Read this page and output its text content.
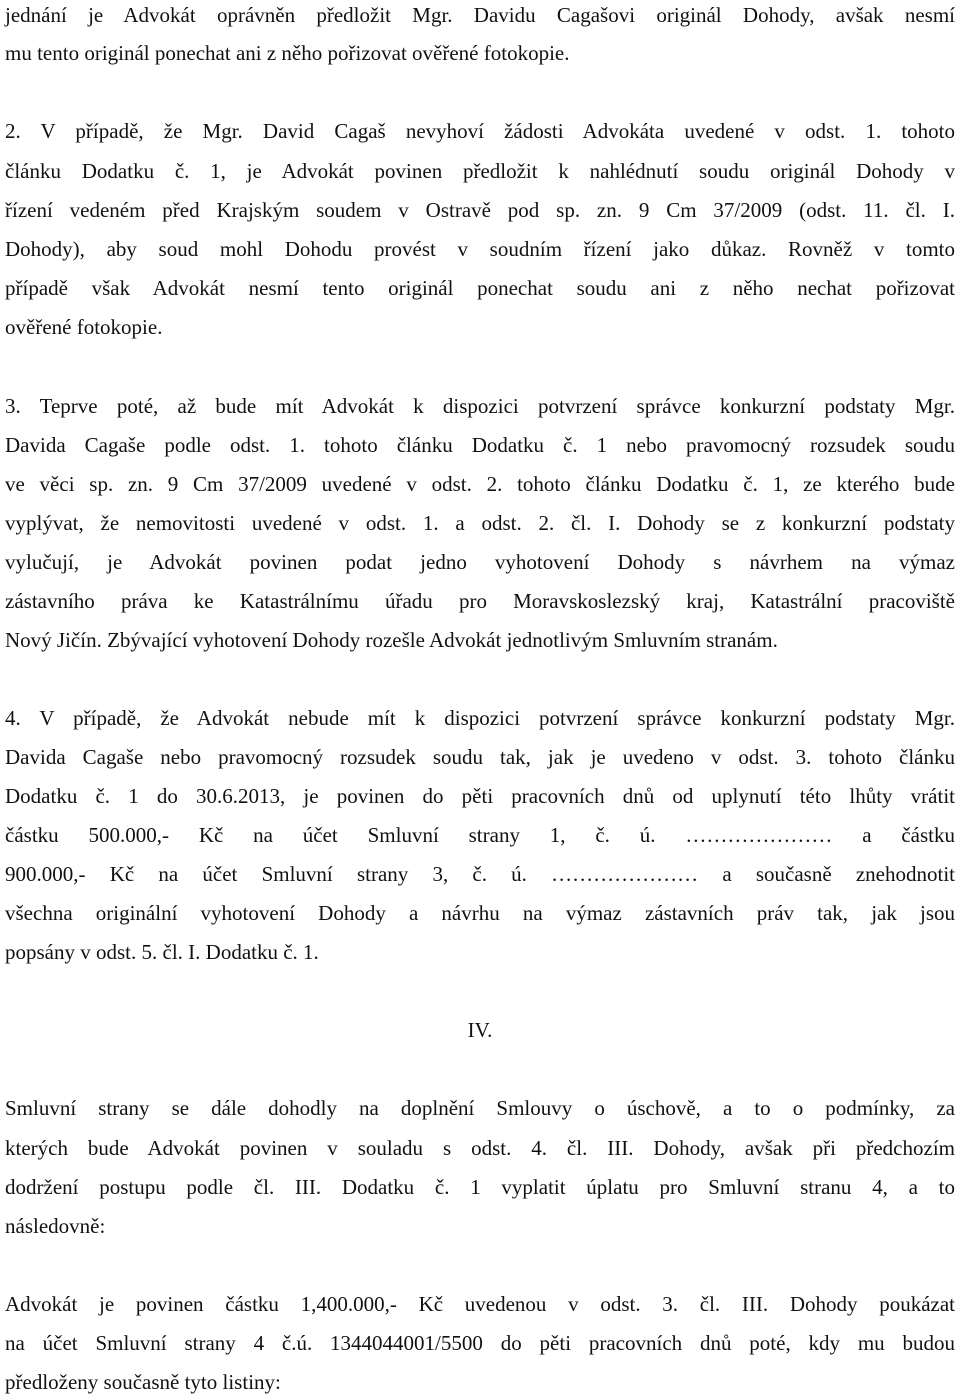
jednání je Advokát oprávněn předložit Mgr. Davidu Cagašovi originál Dohody, avšak nesmí
mu tento originál ponechat ani z něho pořizovat ověřené fotokopie.
2. V případě, že Mgr. David Cagaš nevyhoví žádosti Advokáta uvedené v odst. 1. tohoto
článku Dodatku č. 1, je Advokát povinen předložit k nahlédnutí soudu originál Dohody v
řízení vedeném před Krajským soudem v Ostravě pod sp. zn. 9 Cm 37/2009 (odst. 11. čl. I.
Dohody), aby soud mohl Dohodu provést v soudním řízení jako důkaz. Rovněž v tomto
případě však Advokát nesmí tento originál ponechat soudu ani z něho nechat pořizovat
ověřené fotokopie.
3. Teprve poté, až bude mít Advokát k dispozici potvrzení správce konkurzní podstaty Mgr.
Davida Cagaše podle odst. 1. tohoto článku Dodatku č. 1 nebo pravomocný rozsudek soudu
ve věci sp. zn. 9 Cm 37/2009 uvedené v odst. 2. tohoto článku Dodatku č. 1, ze kterého bude
vyplývat, že nemovitosti uvedené v odst. 1. a odst. 2. čl. I. Dohody se z konkurzní podstaty
vylučují, je Advokát povinen podat jedno vyhotovení Dohody s návrhem na výmaz
zástavního práva ke Katastrálnímu úřadu pro Moravskoslezský kraj, Katastrální pracoviště
Nový Jičín. Zbývající vyhotovení Dohody rozešle Advokát jednotlivým Smluvním stranám.
4. V případě, že Advokát nebude mít k dispozici potvrzení správce konkurzní podstaty Mgr.
Davida Cagaše nebo pravomocný rozsudek soudu tak, jak je uvedeno v odst. 3. tohoto článku
Dodatku č. 1 do 30.6.2013, je povinen do pěti pracovních dnů od uplynutí této lhůty vrátit
částku 500.000,- Kč na účet Smluvní strany 1, č. ú. ………………… a částku
900.000,- Kč na účet Smluvní strany 3, č. ú. ………………… a současně znehodnotit
všechna originální vyhotovení Dohody a návrhu na výmaz zástavních práv tak, jak jsou
popsány v odst. 5. čl. I. Dodatku č. 1.
IV.
Smluvní strany se dále dohodly na doplnění Smlouvy o úschově, a to o podmínky, za
kterých bude Advokát povinen v souladu s odst. 4. čl. III. Dohody, avšak při předchozím
dodržení postupu podle čl. III. Dodatku č. 1 vyplatit úplatu pro Smluvní stranu 4, a to
následovně:
Advokát je povinen částku 1,400.000,- Kč uvedenou v odst. 3. čl. III. Dohody poukázat
na účet Smluvní strany 4 č.ú. 1344044001/5500 do pěti pracovních dnů poté, kdy mu budou
předloženy současně tyto listiny:
